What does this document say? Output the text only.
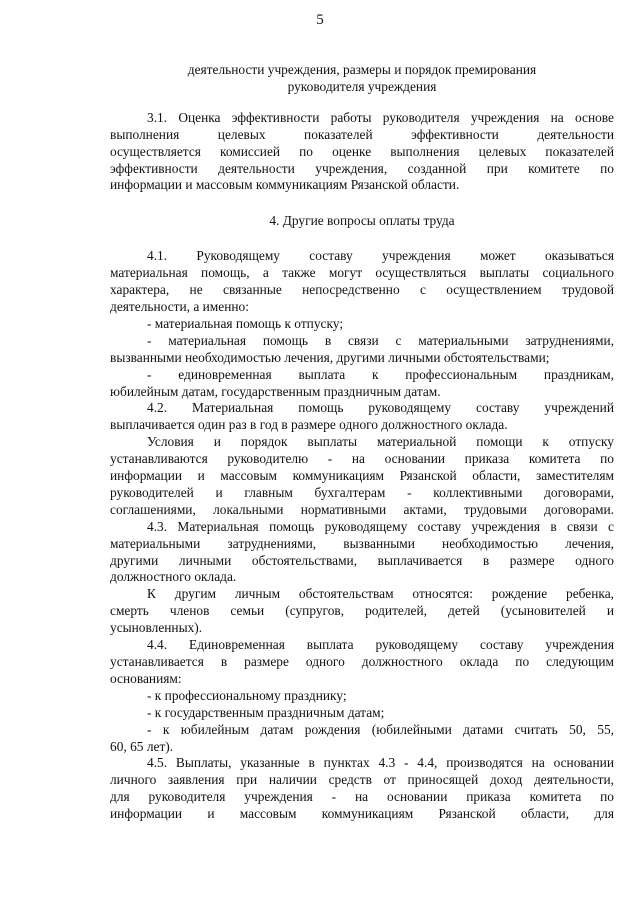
5
деятельности учреждения, размеры и порядок премирования
руководителя учреждения
3.1. Оценка эффективности работы руководителя учреждения на основе
выполнения целевых показателей эффективности деятельности
осуществляется комиссией по оценке выполнения целевых показателей
эффективности деятельности учреждения, созданной при комитете по
информации и массовым коммуникациям Рязанской области.
4. Другие вопросы оплаты труда
4.1. Руководящему составу учреждения может оказываться
материальная помощь, а также могут осуществляться выплаты социального
характера, не связанные непосредственно с осуществлением трудовой
деятельности, а именно:
- материальная помощь к отпуску;
- материальная помощь в связи с материальными затруднениями,
вызванными необходимостью лечения, другими личными обстоятельствами;
- единовременная выплата к профессиональным праздникам,
юбилейным датам, государственным праздничным датам.
4.2. Материальная помощь руководящему составу учреждений
выплачивается один раз в год в размере одного должностного оклада.
Условия и порядок выплаты материальной помощи к отпуску
устанавливаются руководителю - на основании приказа комитета по
информации и массовым коммуникациям Рязанской области, заместителям
руководителей и главным бухгалтерам - коллективными договорами,
соглашениями, локальными нормативными актами, трудовыми договорами.
4.3. Материальная помощь руководящему составу учреждения в связи с
материальными затруднениями, вызванными необходимостью лечения,
другими личными обстоятельствами, выплачивается в размере одного
должностного оклада.
К другим личным обстоятельствам относятся: рождение ребенка,
смерть членов семьи (супругов, родителей, детей (усыновителей и
усыновленных).
4.4. Единовременная выплата руководящему составу учреждения
устанавливается в размере одного должностного оклада по следующим
основаниям:
- к профессиональному празднику;
- к государственным праздничным датам;
- к юбилейным датам рождения (юбилейными датами считать 50, 55,
60, 65 лет).
4.5. Выплаты, указанные в пунктах 4.3 - 4.4, производятся на основании
личного заявления при наличии средств от приносящей доход деятельности,
для руководителя учреждения - на основании приказа комитета по
информации и массовым коммуникациям Рязанской области, для
